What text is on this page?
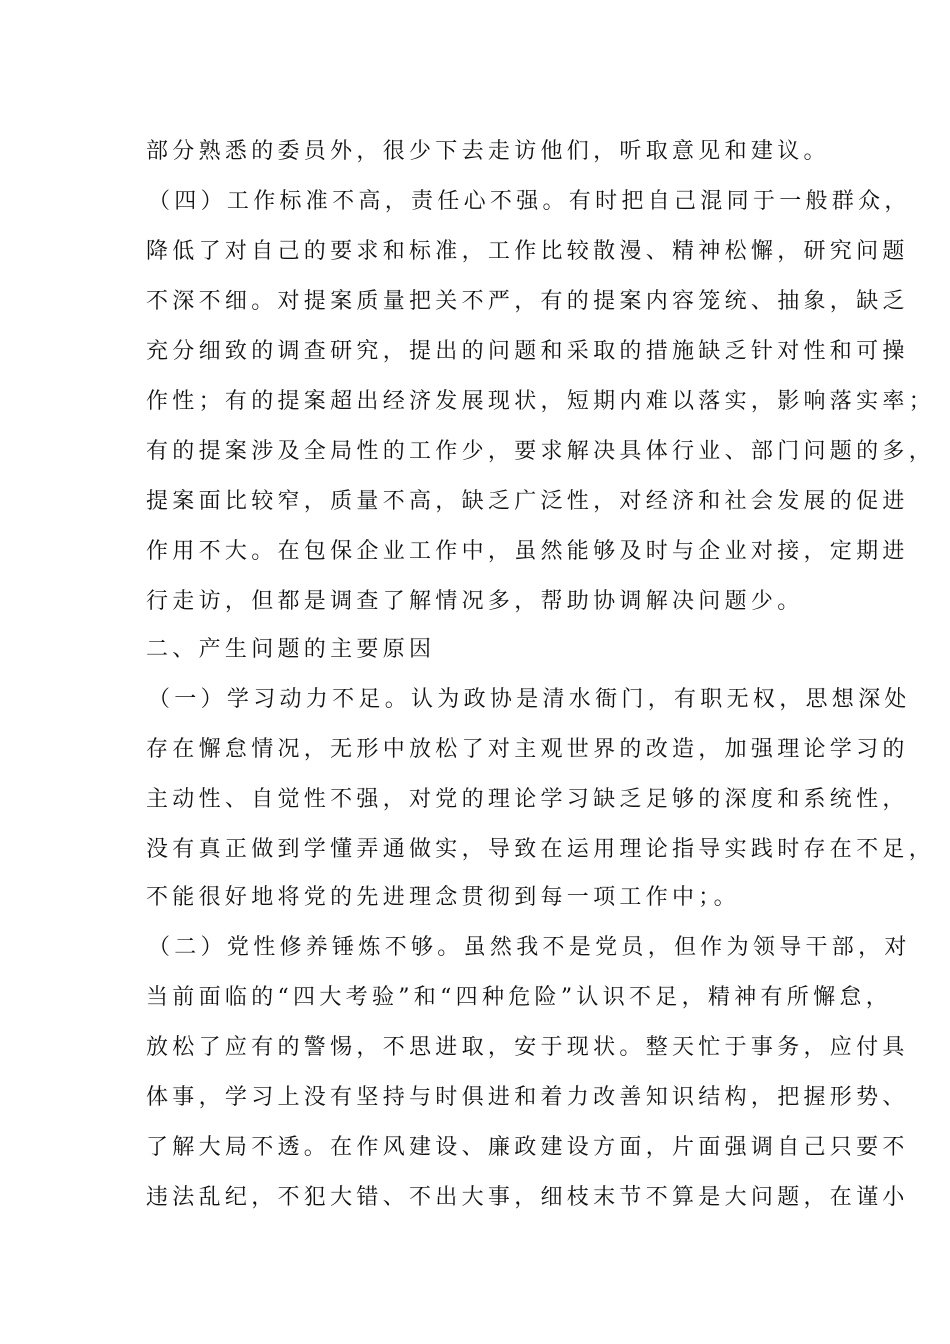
部分熟悉的委员外，很少下去走访他们，听取意见和建议。
（四）工作标准不高，责任心不强。有时把自己混同于一般群众，
降低了对自己的要求和标准，工作比较散漫、精神松懈，研究问题
不深不细。对提案质量把关不严，有的提案内容笼统、抽象，缺乏
充分细致的调查研究，提出的问题和采取的措施缺乏针对性和可操
作性；有的提案超出经济发展现状，短期内难以落实，影响落实率；
有的提案涉及全局性的工作少，要求解决具体行业、部门问题的多，
提案面比较窄，质量不高，缺乏广泛性，对经济和社会发展的促进
作用不大。在包保企业工作中，虽然能够及时与企业对接，定期进
行走访，但都是调查了解情况多，帮助协调解决问题少。
二、产生问题的主要原因
（一）学习动力不足。认为政协是清水衙门，有职无权，思想深处
存在懈怠情况，无形中放松了对主观世界的改造，加强理论学习的
主动性、自觉性不强，对党的理论学习缺乏足够的深度和系统性，
没有真正做到学懂弄通做实，导致在运用理论指导实践时存在不足，
不能很好地将党的先进理念贯彻到每一项工作中；。
（二）党性修养锤炼不够。虽然我不是党员，但作为领导干部，对
当前面临的“四大考验”和“四种危险”认识不足，精神有所懈怠，
放松了应有的警惕，不思进取，安于现状。整天忙于事务，应付具
体事，学习上没有坚持与时俱进和着力改善知识结构，把握形势、
了解大局不透。在作风建设、廉政建设方面，片面强调自己只要不
违法乱纪，不犯大错、不出大事，细枝末节不算是大问题，在谨小
